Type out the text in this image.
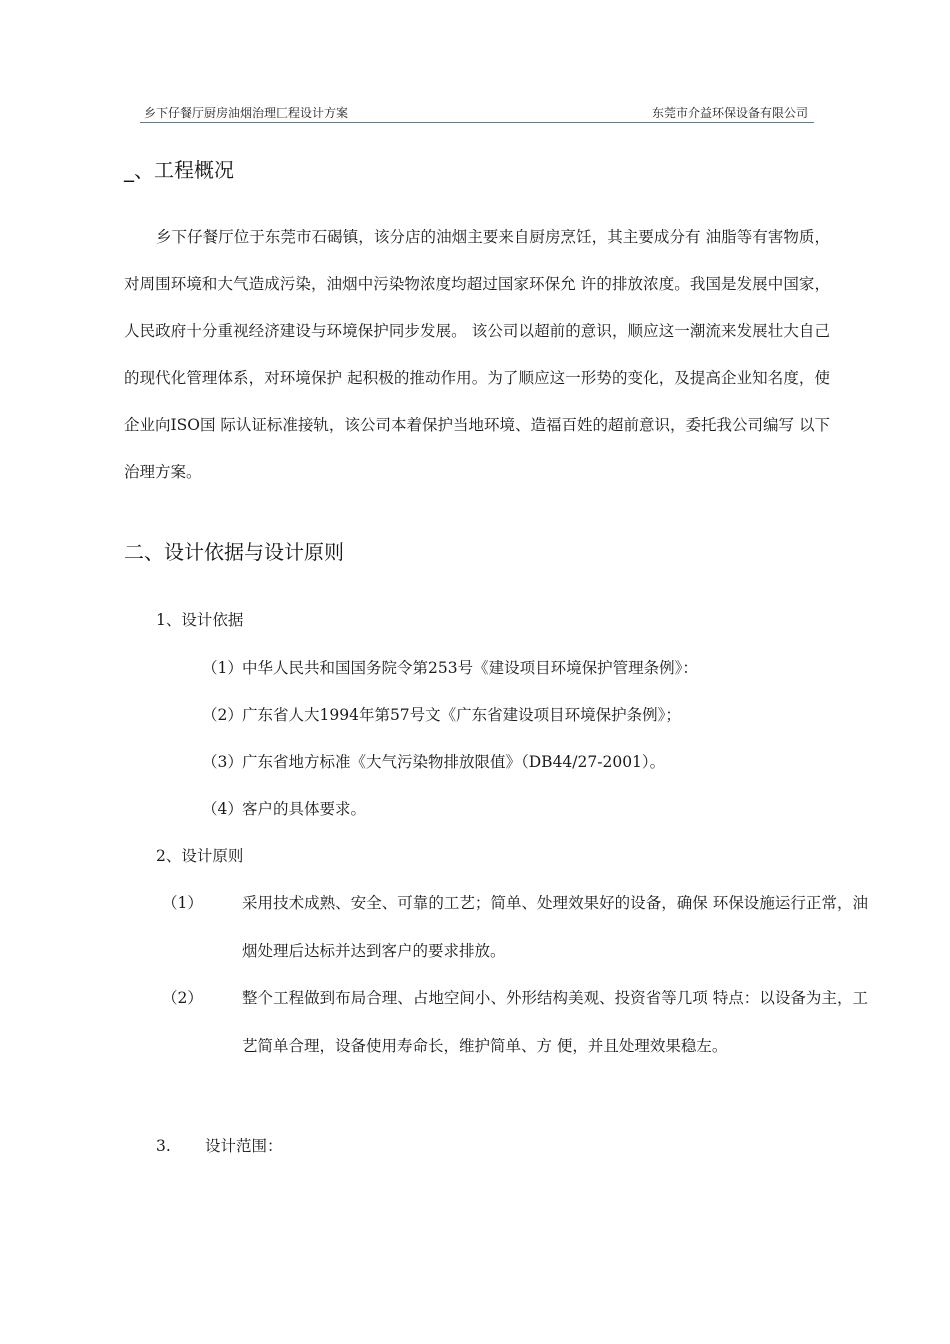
乡下仔餐厅厨房油烟治理匚程设计方案	东莞市介益环保设备有限公司
_、工程概况

乡下仔餐厅位于东莞市石碣镇，该分店的油烟主要来自厨房烹饪，其主要成分有 油脂等有害物质，对周围环境和大气造成污染，油烟中污染物浓度均超过国家环保允 许的排放浓度。我国是发展中国家，人民政府十分重视经济建设与环境保护同步发展。 该公司以超前的意识，顺应这一潮流来发展壮大自己的现代化管理体系，对环境保护 起积极的推动作用。为了顺应这一形势的变化，及提高企业知名度，使企业向ISO国 际认证标准接轨，该公司本着保护当地环境、造福百姓的超前意识，委托我公司编写 以下治理方案。

二、设计依据与设计原则
1、设计依据
（1）中华人民共和国国务院令第253号《建设项目环境保护管理条例》：
（2）广东省人大1994年第57号文《广东省建设项目环境保护条例》；
（3）广东省地方标准《大气污染物排放限值》（DB44/27-2001）。
（4）客户的具体要求。
2、设计原则
（1）	采用技术成熟、安全、可靠的工艺；简单、处理效果好的设备，确保 环保设施运行正常，油烟处理后达标并达到客户的要求排放。
（2）	整个工程做到布局合理、占地空间小、外形结构美观、投资省等几项 特点：以设备为主，工艺简单合理，设备使用寿命长，维护简单、方 便，并且处理效果稳左。
3. 设计范围：
